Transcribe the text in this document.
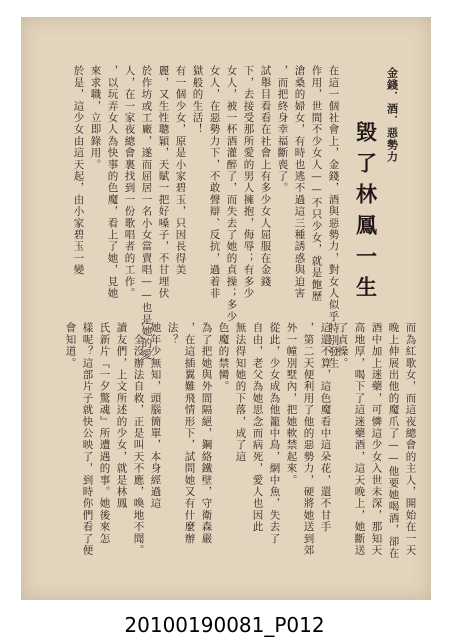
金錢．酒．惡勢力
毀了林鳳一生
在這一個社會上，金錢，酒與惡勢力，對女人似乎特別發生
作用，世間不少女人——不只少女，就是飽歷
滄桑的婦女，有時也逃不過這三種誘惑與迫害
，而把終身幸福斷喪了。
試舉目看看在社會上有多少女人屈服在金錢
下，去接受那所愛的男人擁抱，侮辱；有多少
女人，被一杯酒灌醉了，而失去了她的貞操；多少
女人，在惡勢力下，不敢聲辯、反抗，過着非
獄般的生活！
有一個少女，原是小家碧玉，只因長得美
麗，又生性聰穎，天賦一把好嗓子，不甘埋伏
於作坊或工廠，遂而屈居一名小女當賣唱——也是她的愛
人，在一家夜總會裏找到一份歌唱者的工作。
，以玩弄女人為快事的色魔，看上了她，見她
來求職，立即錄用。
於是，這少女由這天起，由小家碧玉一變
而為紅歌女，而這夜總會的主人，開始在一天
晚上伸展出他的魔爪了——他要她喝酒，卻在
酒中加上迷藥，可憐這少女入世未深，那知天
高地厚，喝下了這迷藥酒，這天晚上，她斷送
了貞操。
這還不算，這色魔看中這朵花，還不甘手
，第二天便利用了他的惡勢力，硬將她送到郊
外一幢別墅內，把她軟禁起來。
從此，少女成為他籠中鳥，網中魚，失去了
自由，老父為她思念而病死，愛人也因此
無法得知她的下落，成了這
色魔的禁臠。
為了把她與外間隔絕，鋼絡鐵壁，守衛森嚴
，在這插翼難飛情形下，試問她又有什麼辦
法？
她年少無知，頭腦簡單，本身經過這
，全沒辦法自救，正是叫天不應，喚地不聞。
讀友們，上文所述的少女，就是林鳳
氏新片『一夕驚魂』所遭遇的事。她後來怎
樣呢？這部片子就快公映了，到時你們看了便
會知道。
20100190081_P012
